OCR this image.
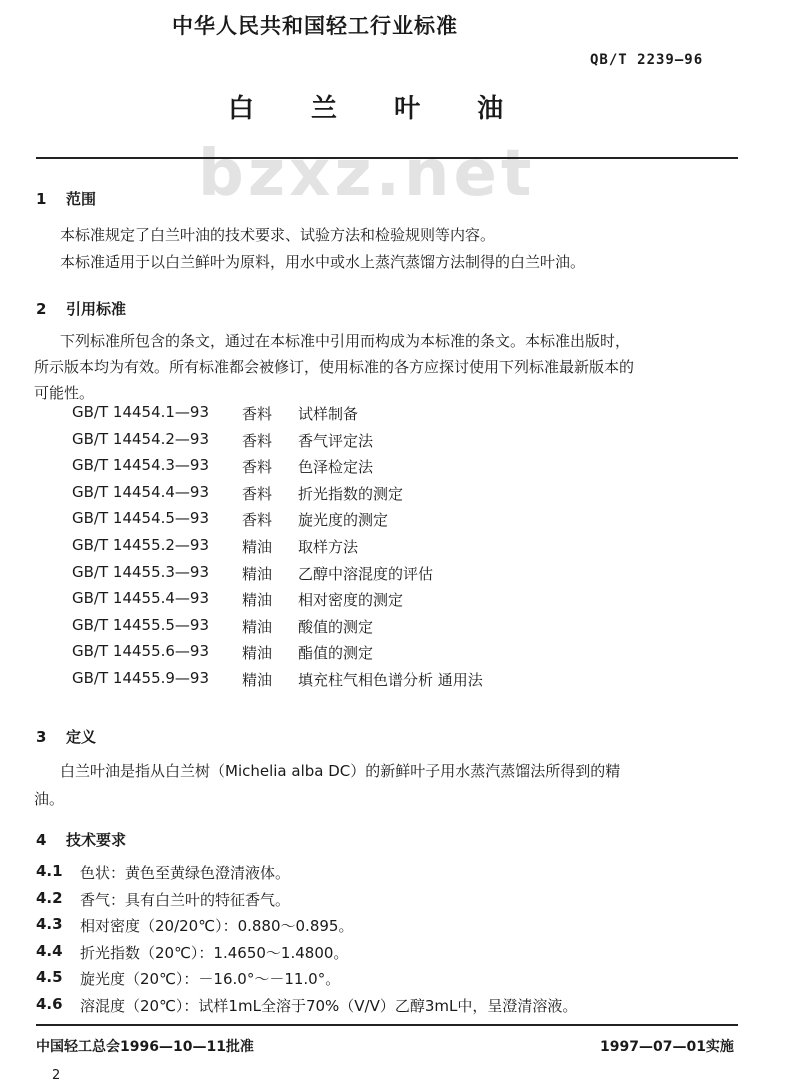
中华人民共和国轻工行业标准
QB/T 2239—96
白 兰 叶 油
bzxz.net
1 范围
本标准规定了白兰叶油的技术要求、试验方法和检验规则等内容。
本标准适用于以白兰鲜叶为原料，用水中或水上蒸汽蒸馏方法制得的白兰叶油。
2 引用标准
下列标准所包含的条文，通过在本标准中引用而构成为本标准的条文。本标准出版时，
所示版本均为有效。所有标准都会被修订，使用标准的各方应探讨使用下列标准最新版本的
可能性。
GB/T 14454.1—93	香料	试样制备
GB/T 14454.2—93	香料	香气评定法
GB/T 14454.3—93	香料	色泽检定法
GB/T 14454.4—93	香料	折光指数的测定
GB/T 14454.5—93	香料	旋光度的测定
GB/T 14455.2—93	精油	取样方法
GB/T 14455.3—93	精油	乙醇中溶混度的评估
GB/T 14455.4—93	精油	相对密度的测定
GB/T 14455.5—93	精油	酸值的测定
GB/T 14455.6—93	精油	酯值的测定
GB/T 14455.9—93	精油	填充柱气相色谱分析 通用法
3 定义
白兰叶油是指从白兰树（Michelia alba DC）的新鲜叶子用水蒸汽蒸馏法所得到的精
油。
4 技术要求
4.1	色状：黄色至黄绿色澄清液体。
4.2	香气：具有白兰叶的特征香气。
4.3	相对密度（20/20℃）：0.880～0.895。
4.4	折光指数（20℃）：1.4650～1.4800。
4.5	旋光度（20℃）：－16.0°～－11.0°。
4.6	溶混度（20℃）：试样1mL全溶于70%（V/V）乙醇3mL中，呈澄清溶液。
中国轻工总会1996—10—11批准	1997—07—01实施
2
